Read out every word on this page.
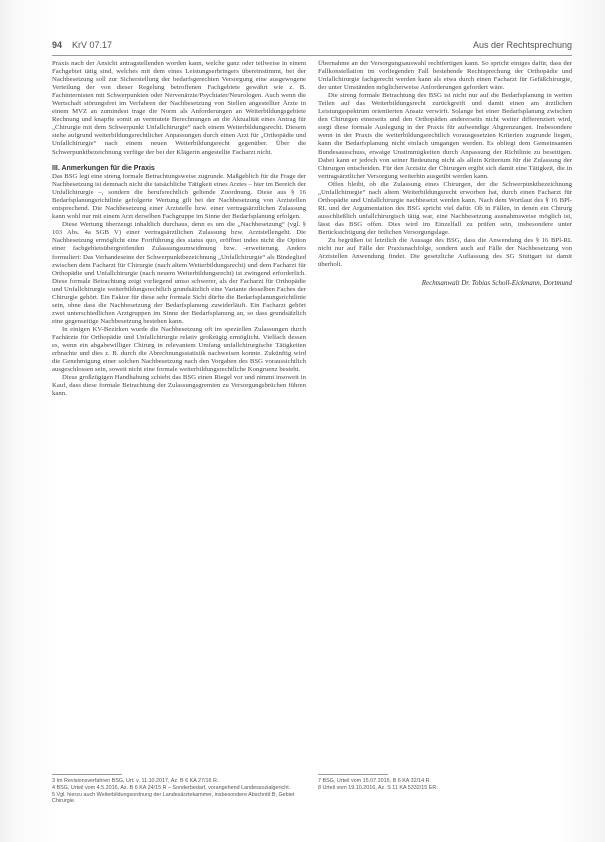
94 KrV 07.17	Aus der Rechtsprechung

Praxis nach der Ansicht antragstellenden worden kann, welche ganz oder teilweise in einem Fachgebiet tätig sind, welches mit dem eines Leistungserbringers übereinstimmt, bei der Nachbesetzung soll zur Sicherstellung der bedarfsgerechten Versorgung eine ausgewogene Verteilung der von dieser Regelung betroffenen Fachgebiete gewährt wie z. B. Fachinternisten mit Schwerpunkten oder Nervenärzte/Psychiater/Neurologen. Auch wenn die Wertschaft störungsfrei im Verfahren der Nachbesetzung von Stellen angestellter Ärzte in einem MVZ an zumindest trage die Norm als Anforderungen an Weiterbildungsgebiete Rechnung und knapfte somit an vermutete Berechnungen an die Aktualität eines Antrag für „Chirurgie mit dem Schwerpunkt Unfallchirurgie“ nach einem Weiterbildungsrecht. Diesem stehe aufgrund weiterbildungsrechtlicher Anpassungen durch einen Arzt für „Orthopädie und Unfallchirurgie“ nach einem neuen Weiterbildungsrecht gegenüber. Über die Schwerpunktbezeichnung verfüge der bei der Klägerin angestellte Facharzt nicht.

III. Anmerkungen für die Praxis

Das BSG legt eine streng formale Betrachtungsweise zugrunde. Maßgeblich für die Frage der Nachbesetzung ist demnach nicht die tatsächliche Tätigkeit eines Arztes – hier im Bereich der Unfallchirurgie –, sondern die berufsrechtlich geltende Zuordnung. Diese aus § 16 Bedarfsplanungsrichtlinie gefolgerte Wertung gilt bei der Nachbesetzung von Arztstellen entsprechend. Die Nachbesetzung einer Arztstelle bzw. einer vertragsärztlichen Zulassung kann wohl nur mit einem Arzt derselben Fachgruppe im Sinne der Bedarfsplanung erfolgen.

Diese Wertung überzeugt inhaltlich durchaus, denn es um die „Nachbesetzung“ (vgl. § 103 Abs. 4a SGB V) einer vertragsärztlichen Zulassung bzw. Arztstellengeht. Die Nachbesetzung ermöglicht eine Fortführung des status quo, eröffnet indes nicht die Option einer fachgebietsübergreifenden Zulassungsumwidmung bzw. -erweiterung. Anders formuliert: Das Verhandeseine der Schwerpunktbezeichnung „Unfallchirurgie“ als Bindeglied zwischen dem Facharzt für Chirurgie (nach altem Weiterbildungsrecht) und dem Facharzt für Orthopädie und Unfallchirurgie (nach neuem Weiterbildungsrecht) ist zwingend erforderlich. Diese formale Betrachtung zeigt vorliegend umso schwerer, als der Facharzt für Orthopädie und Unfallchirurgie weiterbildungsrechtlich grundsätzlich eine Variante desselben Faches der Chirurgie gehört. Ein Faktor für diese sehr formale Sicht dürfte die Bedarfsplanungsrichtlinie sein, ohne dass die Nachbesetzung der Bedarfsplanung zuwiderläuft. Ein Facharzt gehört zwei unterschiedlichen Arztgruppen im Sinne der Bedarfsplanung an, so dass grundsätzlich eine gegenseitige Nachbesetzung bestehen kann.

In einigen KV-Bezirken wurde die Nachbesetzung oft im speziellen Zulassungen durch Fachärzte für Orthopädie und Unfallchirurgie relativ großzügig ermöglicht. Vielfach dessen es, wenn ein abgabewilliger Chirurg in relevantem Umfang unfallchirurgische Tätigkeiten erbrachte und dies z. B. durch die Abrechnungsstatistik nachweisen konnte. Zukünftig wird die Genehmigung einer solchen Nachbesetzung nach den Vorgaben des BSG voraussichtlich ausgeschlossen sein, soweit nicht eine formale weiterbildungsrechtliche Kongruenz besteht.

Diese großzügigen Handhabung schiebt das BSG einen Riegel vor und nimmt insoweit in Kauf, dass diese formale Betrachtung der Zulassungsgremien zu Versorgungsbrüchen führen kann.

Übernahme an der Versorgungsauswahl rechtfertigen kann. So spricht einiges dafür, dass der Fallkonstellation im vorliegenden Fall bestehende Rechtsprechung der Orthopädie und Unfallchirurgie fachgerecht werden kann als etwa durch einen Facharzt für Gefäßchirurgie, der unter Umständen möglicherweise Anforderungen gefordert wäre.

Die streng formale Betrachtung des BSG ist nicht nur auf die Bedarfsplanung in weiten Teilen auf das Weiterbildungsrecht zurückgreift und damit einen am ärztlichen Leistungsspektrum orientierten Ansatz verwirft. Solange bei einer Bedarfsplanung zwischen den Chirurgen einerseits und den Orthopäden andererseits nicht weiter differenziert wird, sorgt diese formale Auslegung in der Praxis für aufwendige Abgrenzungen. Insbesondere wenn in der Praxis die weiterbildungsrechtlich vorausgesetzten Kriterien zugrunde liegen, kann die Bedarfsplanung nicht einfach umgangen werden. Es obliegt dem Gemeinsamen Bundesausschuss, etwaige Unstimmigkeiten durch Anpassung der Richtlinie zu beseitigen. Dabei kann er jedoch von seiner Bedeutung nicht als allein Kriterium für die Zulassung der Chirurgen entscheiden. Für den Arztsitz der Chirurgen ergibt sich damit eine Tätigkeit, die in vertragsärztlicher Versorgung weiterhin ausgeübt werden kann.

Offen bleibt, ob die Zulassung eines Chirurgen, der die Schwerpunktbezeichnung „Unfallchirurgie“ nach altem Weiterbildungsrecht erworben hat, durch einen Facharzt für Orthopädie und Unfallchirurgie nachbesetzt werden kann. Nach dem Wortlaut des § 16 BPl-RL und der Argumentation des BSG spricht viel dafür. Ob in Fällen, in denen ein Chirurg ausschließlich unfallchirurgisch tätig war, eine Nachbesetzung ausnahmsweise möglich ist, lässt das BSG offen. Dies wird im Einzelfall zu prüfen sein, insbesondere unter Berücksichtigung der örtlichen Versorgungslage.

Zu begrüßen ist letztlich die Aussage des BSG, dass die Anwendung des § 16 BPl-RL nicht nur auf Fälle der Praxisnachfolge, sondern auch auf Fälle der Nachbesetzung von Arztstellen Anwendung findet. Die gesetzliche Auffassung des SG Stuttgart ist damit überholt.

Rechtsanwalt Dr. Tobias Scholl-Eickmann, Dortmund

3 Im Revisionsverfahren BSG, Urt. v. 11.10.2017, Az. B 6 KA 27/16 R.

4 BSG, Urteil vom 4.5.2016, Az. B 6 KA 24/15 R – Sonderbedarf, vorangehend Landessozialgericht.

5 Vgl. hierzu auch Weiterbildungsordnung der Landesärztekammer, insbesondere Abschnitt B, Gebiet Chirurgie.

7 BSG, Urteil vom 15.07.2015, B 6 KA 32/14 R.

8 Urteil vom 19.10.2016, Az. S 11 KA 5332/15 ER.
